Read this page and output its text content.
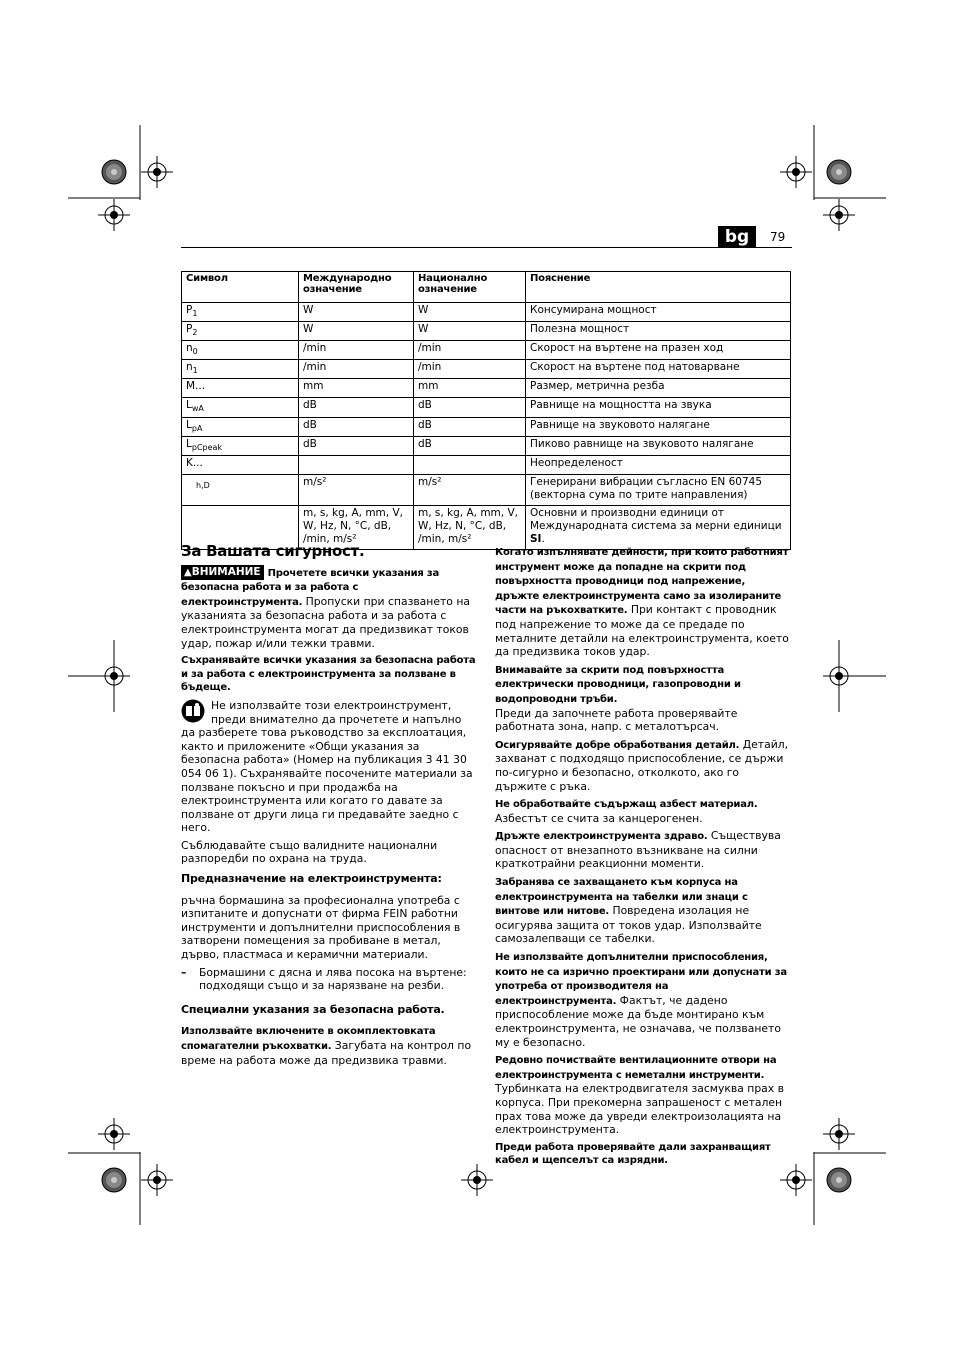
bg	79
Символ	Международно означение	Национално означение	Пояснение
$P_1$	W	W	Консумирана мощност
$P_2$	W	W	Полезна мощност
$n_0$	/min	/min	Скорост на въртене на празен ход
$n_1$	/min	/min	Скорост на въртене под натоварване
M...	mm	mm	Размер, метрична резба
$L_{wA}$	dB	dB	Равнище на мощността на звука
$L_{pA}$	dB	dB	Равнище на звуковото налягане
$L_{pCpeak}$	dB	dB	Пиково равнище на звуковото налягане
K...			Неопределеност
$_{h,D}$	m/s²	m/s²	Генерирани вибрации съгласно EN 60745 (векторна сума по трите направления)
	m, s, kg, A, mm, V, W, Hz, N, °C, dB, /min, m/s²	m, s, kg, A, mm, V, W, Hz, N, °C, dB, /min, m/s²	Основни и производни единици от Международната система за мерни единици SI.
За Вашата сигурност.

▲ВНИМАНИЕ Прочетете всички указания за безопасна работа и за работа с електроинструмента. Пропуски при спазването на указанията за безопасна работа и за работа с електроинструмента могат да предизвикат токов удар, пожар и/или тежки травми.

Съхранявайте всички указания за безопасна работа и за работа с електроинструмента за ползване в бъдеще.

Не използвайте този електроинструмент, преди внимателно да прочетете и напълно да разберете това ръководство за експлоатация, както и приложените «Общи указания за безопасна работа» (Номер на публикация 3 41 30 054 06 1). Съхранявайте посочените материали за ползване покъсно и при продажба на електроинструмента или когато го давате за ползване от други лица ги предавайте заедно с него.

Съблюдавайте също валидните национални разпоредби по охрана на труда.

Предназначение на електроинструмента:

ръчна бормашина за професионална употреба с изпитаните и допуснати от фирма FEIN работни инструменти и допълнителни приспособления в затворени помещения за пробиване в метал, дърво, пластмаса и керамични материали.

–	Бормашини с дясна и лява посока на въртене: подходящи също и за нарязване на резби.
Специални указания за безопасна работа.

Използвайте включените в окомплектовката спомагателни ръкохватки. Загубата на контрол по време на работа може да предизвика травми.

Когато изпълнявате дейности, при които работният инструмент може да попадне на скрити под повърхността проводници под напрежение, дръжте електроинструмента само за изолираните части на ръкохватките. При контакт с проводник под напрежение то може да се предаде по металните детайли на електроинструмента, което да предизвика токов удар.

Внимавайте за скрити под повърхността електрически проводници, газопроводни и водопроводни тръби.
Преди да започнете работа проверявайте работната зона, напр. с металотърсач.

Осигурявайте добре обработвания детайл. Детайл, захванат с подходящо приспособление, се държи по-сигурно и безопасно, отколкото, ако го държите с ръка.

Не обработвайте съдържащ азбест материал.
Азбестът се счита за канцерогенен.

Дръжте електроинструмента здраво. Съществува опасност от внезапното възникване на силни краткотрайни реакционни моменти.

Забранява се захващането към корпуса на електроинструмента на табелки или знаци с винтове или нитове. Повредена изолация не осигурява защита от токов удар. Използвайте самозалепващи се табелки.

Не използвайте допълнителни приспособления, които не са изрично проектирани или допуснати за употреба от производителя на електроинструмента. Фактът, че дадено приспособление може да бъде монтирано към електроинструмента, не означава, че ползването му е безопасно.

Редовно почиствайте вентилационните отвори на електроинструмента с неметални инструменти.
Турбинката на електродвигателя засмуква прах в корпуса. При прекомерна запрашеност с метален прах това може да увреди електроизолацията на електроинструмента.

Преди работа проверявайте дали захранващият кабел и щепселът са изрядни.
